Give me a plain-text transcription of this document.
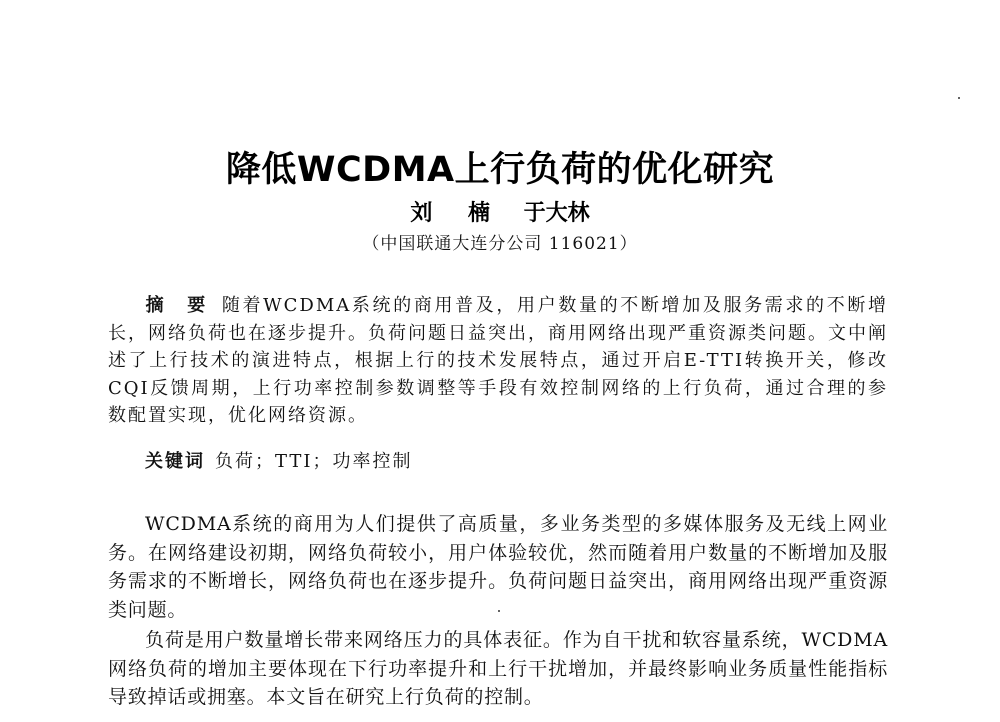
降低WCDMA上行负荷的优化研究
刘 楠 于大林
（中国联通大连分公司 116021）
摘 要 随着WCDMA系统的商用普及，用户数量的不断增加及服务需求的不断增长，网络负荷也在逐步提升。负荷问题日益突出，商用网络出现严重资源类问题。文中阐述了上行技术的演进特点，根据上行的技术发展特点，通过开启E-TTI转换开关，修改CQI反馈周期，上行功率控制参数调整等手段有效控制网络的上行负荷，通过合理的参数配置实现，优化网络资源。
关键词 负荷；TTI；功率控制
WCDMA系统的商用为人们提供了高质量，多业务类型的多媒体服务及无线上网业务。在网络建设初期，网络负荷较小，用户体验较优，然而随着用户数量的不断增加及服务需求的不断增长，网络负荷也在逐步提升。负荷问题日益突出，商用网络出现严重资源类问题。
负荷是用户数量增长带来网络压力的具体表征。作为自干扰和软容量系统，WCDMA网络负荷的增加主要体现在下行功率提升和上行干扰增加，并最终影响业务质量性能指标导致掉话或拥塞。本文旨在研究上行负荷的控制。
